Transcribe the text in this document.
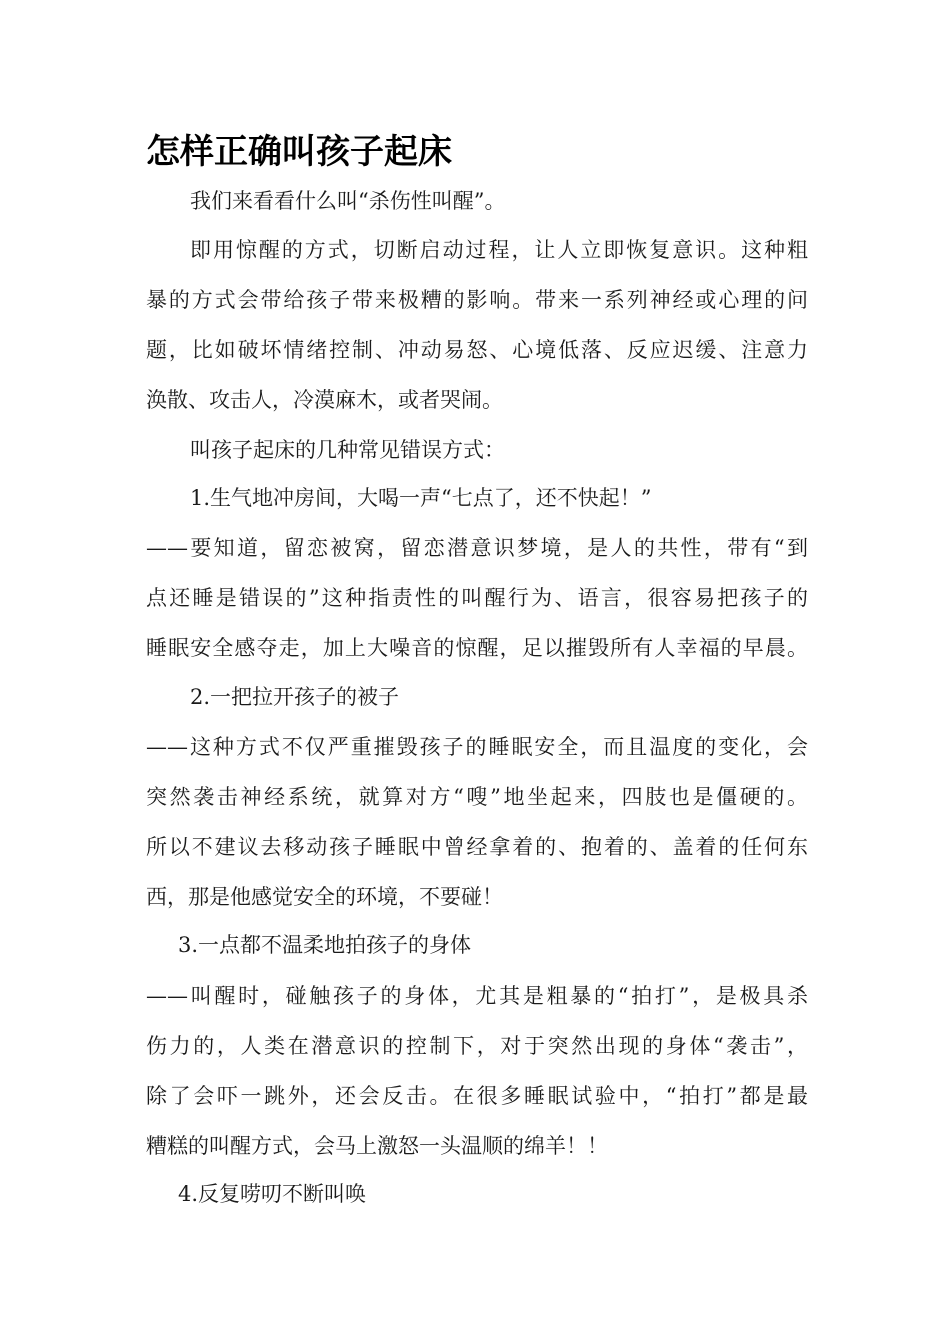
怎样正确叫孩子起床

我们来看看什么叫“杀伤性叫醒”。

即用惊醒的方式，切断启动过程，让人立即恢复意识。这种粗

暴的方式会带给孩子带来极糟的影响。带来一系列神经或心理的问

题，比如破坏情绪控制、冲动易怒、心境低落、反应迟缓、注意力

涣散、攻击人，冷漠麻木，或者哭闹。

叫孩子起床的几种常见错误方式：

1.生气地冲房间，大喝一声“七点了，还不快起！”

——要知道，留恋被窝，留恋潜意识梦境，是人的共性，带有“到

点还睡是错误的”这种指责性的叫醒行为、语言，很容易把孩子的

睡眠安全感夺走，加上大噪音的惊醒，足以摧毁所有人幸福的早晨。

2.一把拉开孩子的被子

——这种方式不仅严重摧毁孩子的睡眠安全，而且温度的变化，会

突然袭击神经系统，就算对方“嗖”地坐起来，四肢也是僵硬的。

所以不建议去移动孩子睡眠中曾经拿着的、抱着的、盖着的任何东

西，那是他感觉安全的环境，不要碰！

3.一点都不温柔地拍孩子的身体

——叫醒时，碰触孩子的身体，尤其是粗暴的“拍打”，是极具杀

伤力的，人类在潜意识的控制下，对于突然出现的身体“袭击”，

除了会吓一跳外，还会反击。在很多睡眠试验中，“拍打”都是最

糟糕的叫醒方式，会马上激怒一头温顺的绵羊！！

4.反复唠叨不断叫唤
